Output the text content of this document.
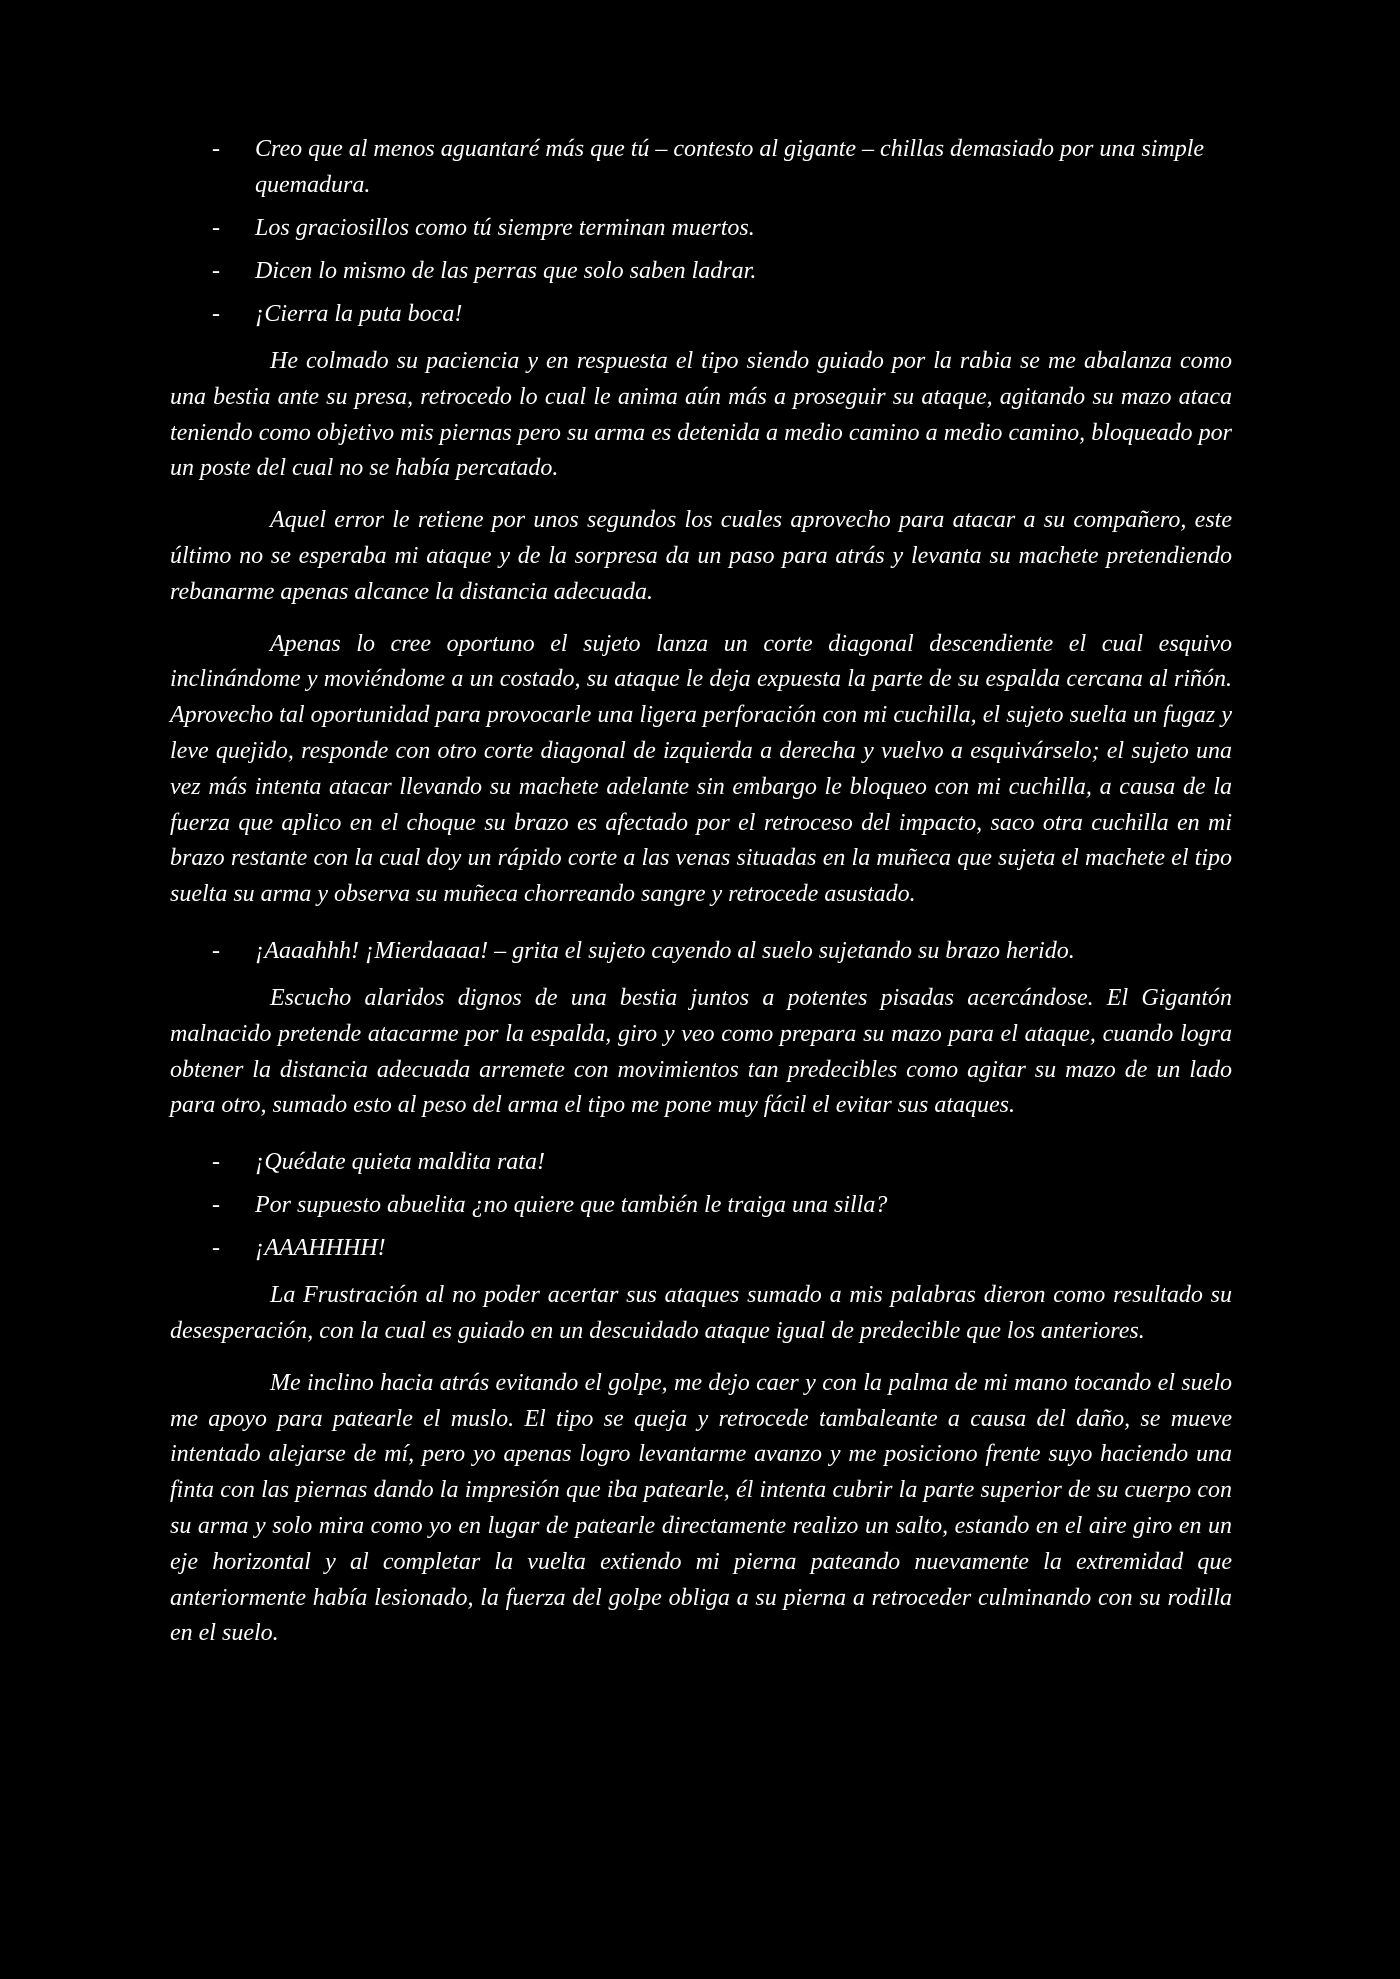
- Creo que al menos aguantaré más que tú – contesto al gigante – chillas demasiado por una simple quemadura.
- Los graciosillos como tú siempre terminan muertos.
- Dicen lo mismo de las perras que solo saben ladrar.
- ¡Cierra la puta boca!

He colmado su paciencia y en respuesta el tipo siendo guiado por la rabia se me abalanza como una bestia ante su presa, retrocedo lo cual le anima aún más a proseguir su ataque, agitando su mazo ataca teniendo como objetivo mis piernas pero su arma es detenida a medio camino a medio camino, bloqueado por un poste del cual no se había percatado.

Aquel error le retiene por unos segundos los cuales aprovecho para atacar a su compañero, este último no se esperaba mi ataque y de la sorpresa da un paso para atrás y levanta su machete pretendiendo rebanarme apenas alcance la distancia adecuada.

Apenas lo cree oportuno el sujeto lanza un corte diagonal descendiente el cual esquivo inclinándome y moviéndome a un costado, su ataque le deja expuesta la parte de su espalda cercana al riñón. Aprovecho tal oportunidad para provocarle una ligera perforación con mi cuchilla, el sujeto suelta un fugaz y leve quejido, responde con otro corte diagonal de izquierda a derecha y vuelvo a esquivárselo; el sujeto una vez más intenta atacar llevando su machete adelante sin embargo le bloqueo con mi cuchilla, a causa de la fuerza que aplico en el choque su brazo es afectado por el retroceso del impacto, saco otra cuchilla en mi brazo restante con la cual doy un rápido corte a las venas situadas en la muñeca que sujeta el machete el tipo suelta su arma y observa su muñeca chorreando sangre y retrocede asustado.

- ¡Aaaahhh! ¡Mierdaaaa! – grita el sujeto cayendo al suelo sujetando su brazo herido.

Escucho alaridos dignos de una bestia juntos a potentes pisadas acercándose. El Gigantón malnacido pretende atacarme por la espalda, giro y veo como prepara su mazo para el ataque, cuando logra obtener la distancia adecuada arremete con movimientos tan predecibles como agitar su mazo de un lado para otro, sumado esto al peso del arma el tipo me pone muy fácil el evitar sus ataques.

- ¡Quédate quieta maldita rata!
- Por supuesto abuelita ¿no quiere que también le traiga una silla?
- ¡AAAHHHH!

La Frustración al no poder acertar sus ataques sumado a mis palabras dieron como resultado su desesperación, con la cual es guiado en un descuidado ataque igual de predecible que los anteriores.

Me inclino hacia atrás evitando el golpe, me dejo caer y con la palma de mi mano tocando el suelo me apoyo para patearle el muslo. El tipo se queja y retrocede tambaleante a causa del daño, se mueve intentado alejarse de mí, pero yo apenas logro levantarme avanzo y me posiciono frente suyo haciendo una finta con las piernas dando la impresión que iba patearle, él intenta cubrir la parte superior de su cuerpo con su arma y solo mira como yo en lugar de patearle directamente realizo un salto, estando en el aire giro en un eje horizontal y al completar la vuelta extiendo mi pierna pateando nuevamente la extremidad que anteriormente había lesionado, la fuerza del golpe obliga a su pierna a retroceder culminando con su rodilla en el suelo.
